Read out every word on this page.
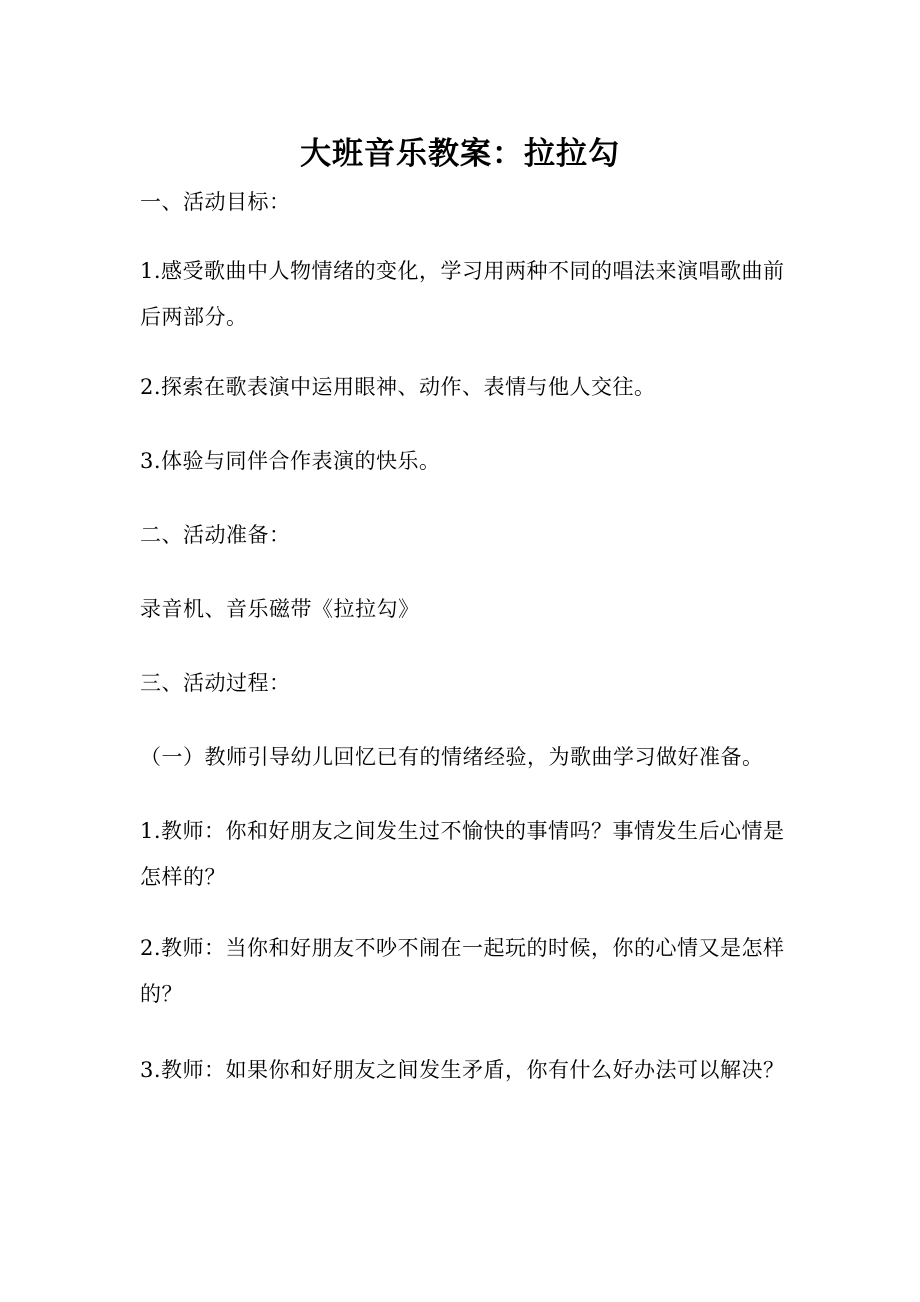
大班音乐教案：拉拉勾
一、活动目标：
1.感受歌曲中人物情绪的变化，学习用两种不同的唱法来演唱歌曲前后两部分。
2.探索在歌表演中运用眼神、动作、表情与他人交往。
3.体验与同伴合作表演的快乐。
二、活动准备：
录音机、音乐磁带《拉拉勾》
三、活动过程：
（一）教师引导幼儿回忆已有的情绪经验，为歌曲学习做好准备。
1.教师：你和好朋友之间发生过不愉快的事情吗？事情发生后心情是怎样的？
2.教师：当你和好朋友不吵不闹在一起玩的时候，你的心情又是怎样的？
3.教师：如果你和好朋友之间发生矛盾，你有什么好办法可以解决？
